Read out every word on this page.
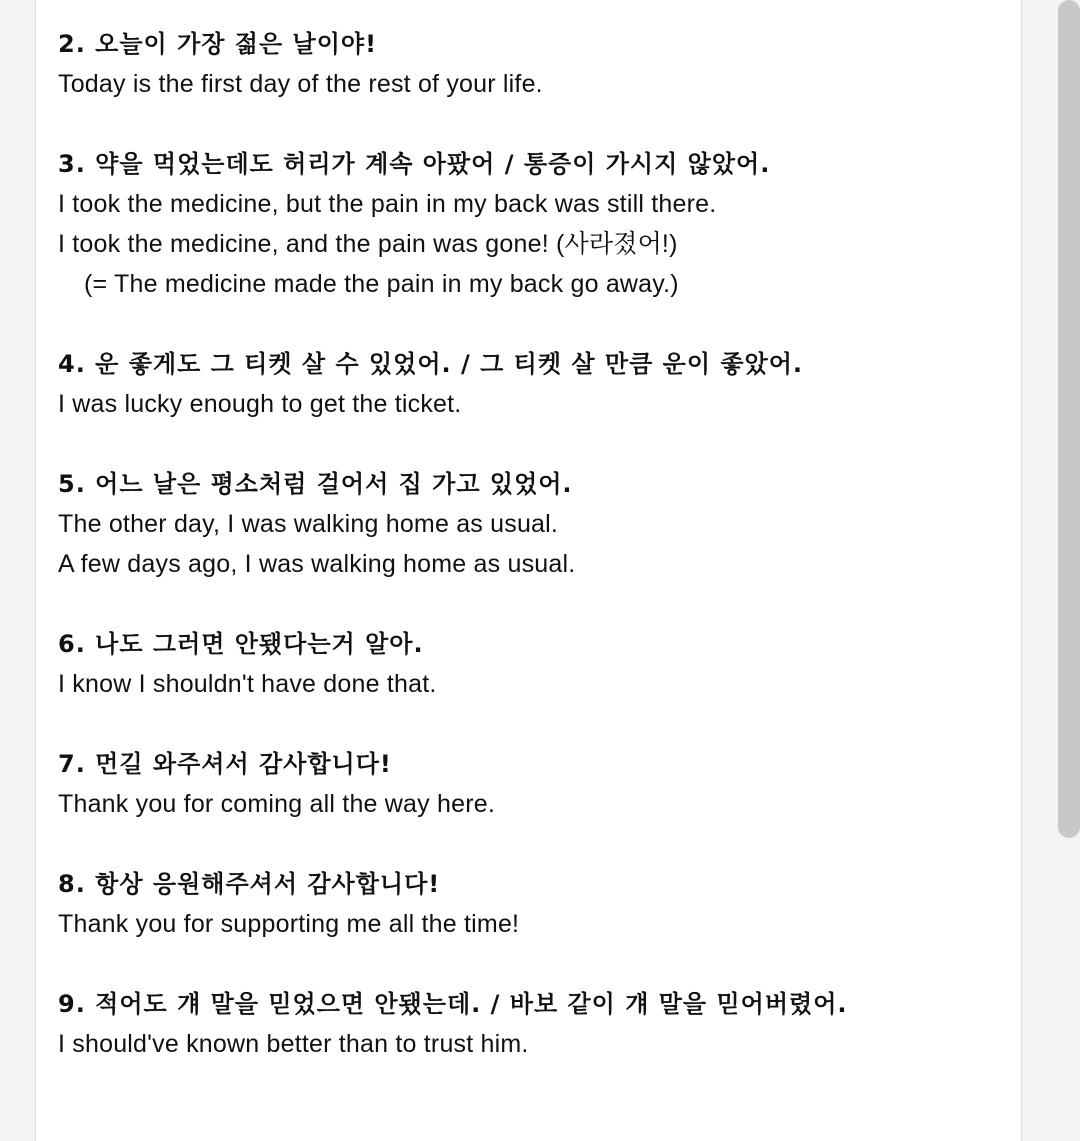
2. 오늘이 가장 젊은 날이야!
Today is the first day of the rest of your life.
3. 약을 먹었는데도 허리가 계속 아팠어 / 통증이 가시지 않았어.
I took the medicine, but the pain in my back was still there.
I took the medicine, and the pain was gone! (사라졌어!)
(= The medicine made the pain in my back go away.)
4. 운 좋게도 그 티켓 살 수 있었어. / 그 티켓 살 만큼 운이 좋았어.
I was lucky enough to get the ticket.
5. 어느 날은 평소처럼 걸어서 집 가고 있었어.
The other day, I was walking home as usual.
A few days ago, I was walking home as usual.
6. 나도 그러면 안됐다는거 알아.
I know I shouldn't have done that.
7. 먼길 와주셔서 감사합니다!
Thank you for coming all the way here.
8. 항상 응원해주셔서 감사합니다!
Thank you for supporting me all the time!
9. 적어도 걔 말을 믿었으면 안됐는데. / 바보 같이 걔 말을 믿어버렸어.
I should've known better than to trust him.
